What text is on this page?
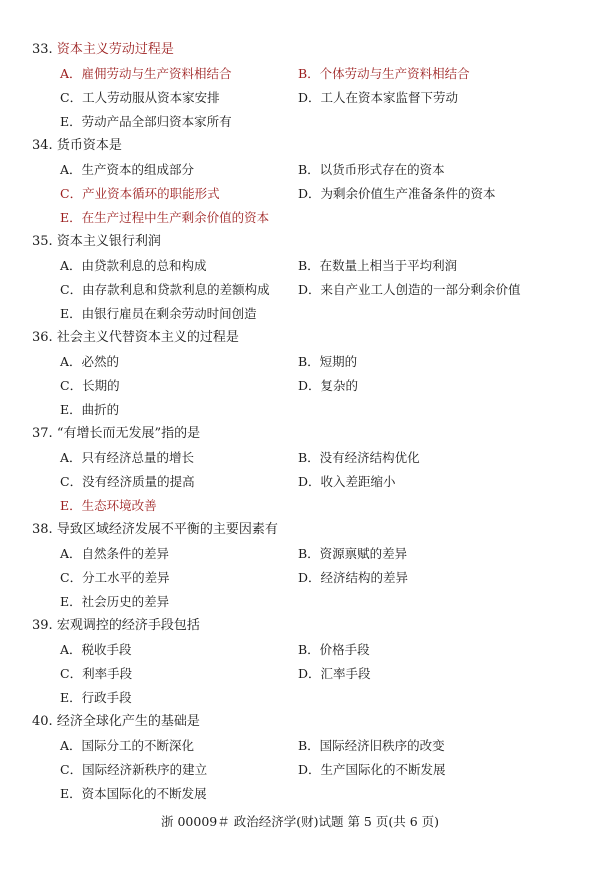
33. 资本主义劳动过程是
A．雇佣劳动与生产资料相结合	B．个体劳动与生产资料相结合
C．工人劳动服从资本家安排	D．工人在资本家监督下劳动
E．劳动产品全部归资本家所有
34. 货币资本是
A．生产资本的组成部分	B．以货币形式存在的资本
C．产业资本循环的职能形式	D．为剩余价值生产准备条件的资本
E．在生产过程中生产剩余价值的资本
35. 资本主义银行利润
A．由贷款利息的总和构成	B．在数量上相当于平均利润
C．由存款利息和贷款利息的差额构成 D．来自产业工人创造的一部分剩余价值
E．由银行雇员在剩余劳动时间创造
36. 社会主义代替资本主义的过程是
A．必然的	B．短期的
C．长期的	D．复杂的
E．曲折的
37. “有增长而无发展”指的是
A．只有经济总量的增长	B．没有经济结构优化
C．没有经济质量的提高	D．收入差距缩小
E．生态环境改善
38. 导致区域经济发展不平衡的主要因素有
A．自然条件的差异	B．资源禀赋的差异
C．分工水平的差异	D．经济结构的差异
E．社会历史的差异
39. 宏观调控的经济手段包括
A．税收手段	B．价格手段
C．利率手段	D．汇率手段
E．行政手段
40. 经济全球化产生的基础是
A．国际分工的不断深化	B．国际经济旧秩序的改变
C．国际经济新秩序的建立	D．生产国际化的不断发展
E．资本国际化的不断发展
浙 00009＃ 政治经济学(财)试题 第 5 页(共 6 页)
